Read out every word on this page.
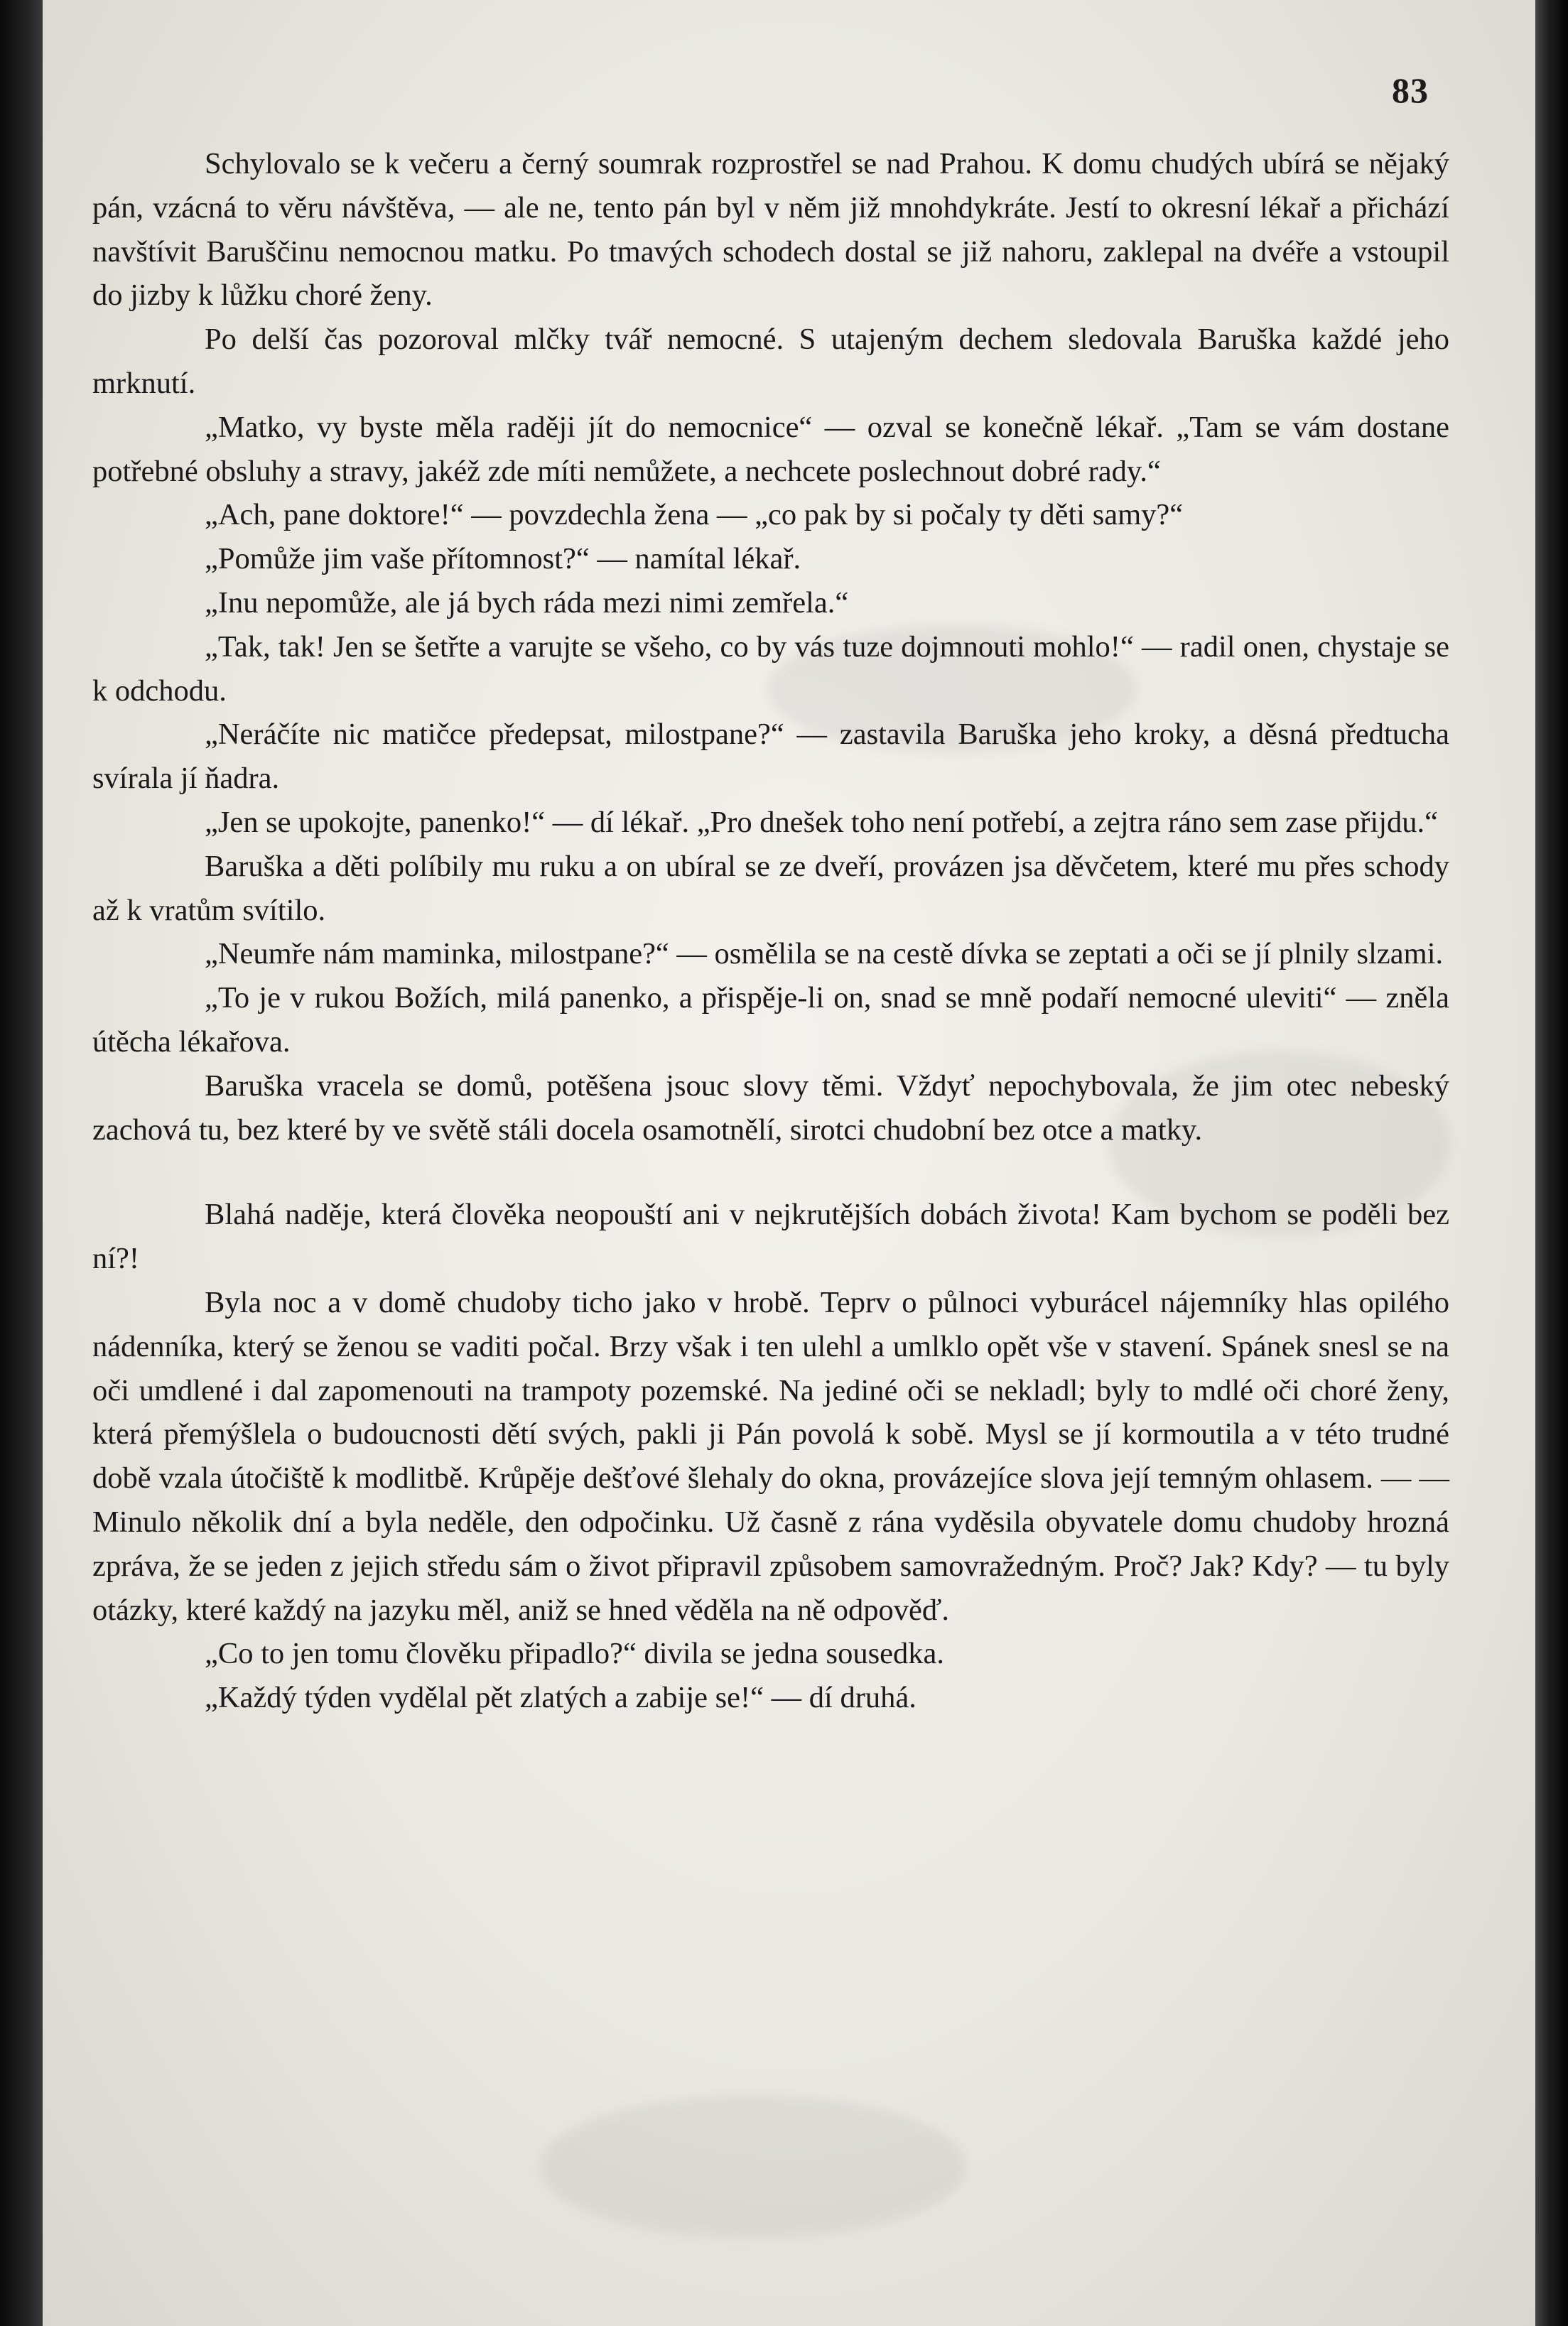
83

Schylovalo se k večeru a černý soumrak rozprostřel se nad Prahou. K domu chudých ubírá se nějaký pán, vzácná to věru návštěva, — ale ne, tento pán byl v něm již mnohdykráte. Jestí to okresní lékař a přichází navštívit Baruščinu nemocnou matku. Po tmavých schodech dostal se již nahoru, zaklepal na dvéře a vstoupil do jizby k lůžku choré ženy.

Po delší čas pozoroval mlčky tvář nemocné. S utajeným dechem sledovala Baruška každé jeho mrknutí.

„Matko, vy byste měla raději jít do nemocnice“ — ozval se konečně lékař. „Tam se vám dostane potřebné obsluhy a stravy, jakéž zde míti nemůžete, a nechcete poslechnout dobré rady.“

„Ach, pane doktore!“ — povzdechla žena — „co pak by si počaly ty děti samy?“

„Pomůže jim vaše přítomnost?“ — namítal lékař.

„Inu nepomůže, ale já bych ráda mezi nimi zemřela.“

„Tak, tak! Jen se šetřte a varujte se všeho, co by vás tuze dojmnouti mohlo!“ — radil onen, chystaje se k odchodu.

„Neráčíte nic matičce předepsat, milostpane?“ — zastavila Baruška jeho kroky, a děsná předtucha svírala jí ňadra.

„Jen se upokojte, panenko!“ — dí lékař. „Pro dnešek toho není potřebí, a zejtra ráno sem zase přijdu.“

Baruška a děti políbily mu ruku a on ubíral se ze dveří, provázen jsa děvčetem, které mu přes schody až k vratům svítilo.

„Neumře nám maminka, milostpane?“ — osmělila se na cestě dívka se zeptati a oči se jí plnily slzami.

„To je v rukou Božích, milá panenko, a přispěje-li on, snad se mně podaří nemocné uleviti“ — zněla útěcha lékařova.

Baruška vracela se domů, potěšena jsouc slovy těmi. Vždyť nepochybovala, že jim otec nebeský zachová tu, bez které by ve světě stáli docela osamotnělí, sirotci chudobní bez otce a matky.

Blahá naděje, která člověka neopouští ani v nejkrutějších dobách života! Kam bychom se poděli bez ní?!

Byla noc a v domě chudoby ticho jako v hrobě. Teprv o půlnoci vyburácel nájemníky hlas opilého nádenníka, který se ženou se vaditi počal. Brzy však i ten ulehl a umlklo opět vše v stavení. Spánek snesl se na oči umdlené i dal zapomenouti na trampoty pozemské. Na jediné oči se nekladl; byly to mdlé oči choré ženy, která přemýšlela o budoucnosti dětí svých, pakli ji Pán povolá k sobě. Mysl se jí kormoutila a v této trudné době vzala útočiště k modlitbě. Krůpěje dešťové šlehaly do okna, provázejíce slova její temným ohlasem. — — Minulo několik dní a byla neděle, den odpočinku. Už časně z rána vyděsila obyvatele domu chudoby hrozná zpráva, že se jeden z jejich středu sám o život připravil způsobem samovražedným. Proč? Jak? Kdy? — tu byly otázky, které každý na jazyku měl, aniž se hned věděla na ně odpověď.

„Co to jen tomu člověku připadlo?“ divila se jedna sousedka.

„Každý týden vydělal pět zlatých a zabije se!“ — dí druhá.
